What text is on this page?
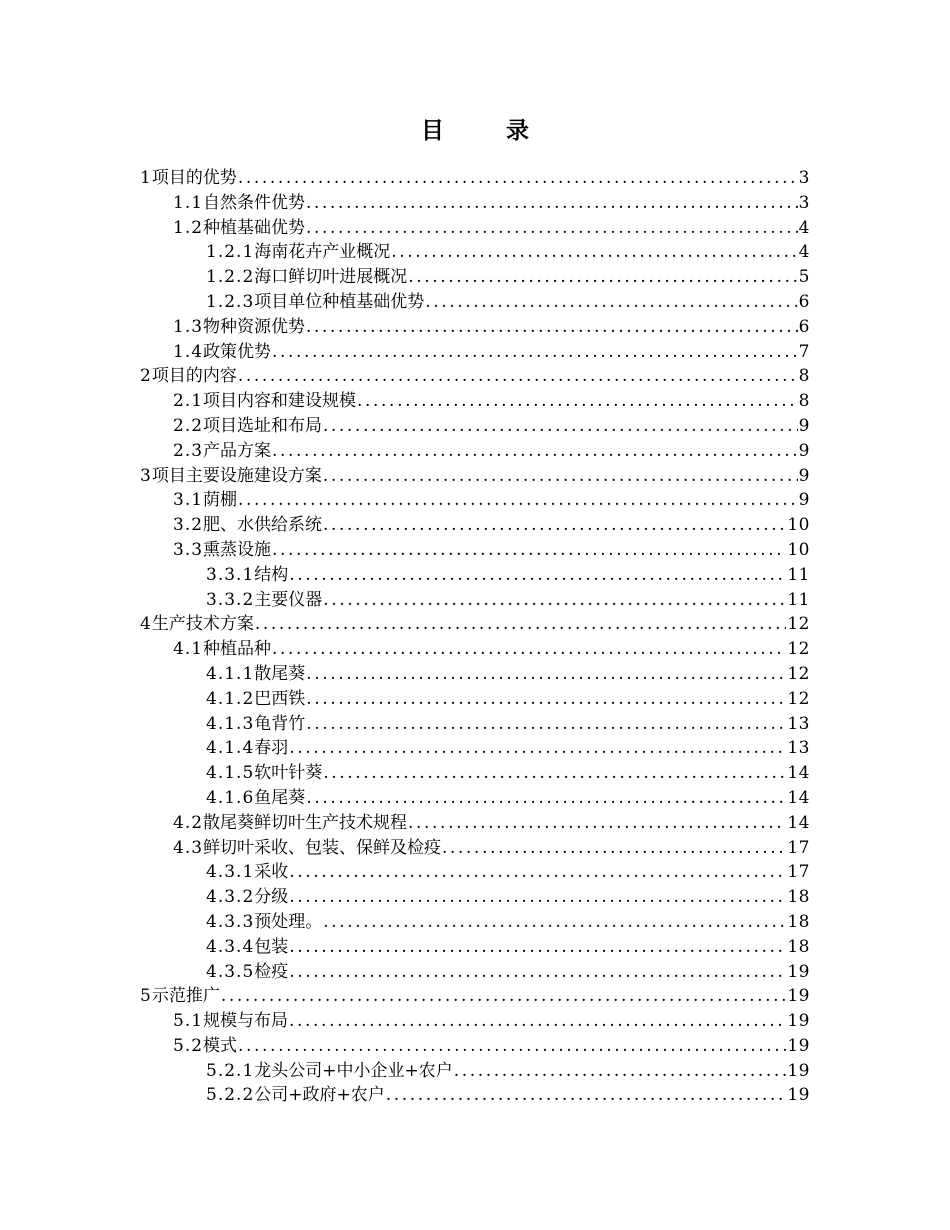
目	录
1 项目的优势 .....	3
1.1 自然条件优势 .....	3
1.2 种植基础优势 .....	4
1.2.1 海南花卉产业概况 .....	4
1.2.2 海口鲜切叶进展概况 .....	5
1.2.3 项目单位种植基础优势 .....	6
1.3 物种资源优势 .....	6
1.4 政策优势 .....	7
2 项目的内容 .....	8
2.1 项目内容和建设规模 .....	8
2.2 项目选址和布局 .....	9
2.3 产品方案 .....	9
3 项目主要设施建设方案 .....	9
3.1 荫棚 .....	9
3.2 肥、水供给系统 .....	10
3.3 熏蒸设施 .....	10
3.3.1 结构 .....	11
3.3.2 主要仪器 .....	11
4 生产技术方案 .....	12
4.1 种植品种 .....	12
4.1.1 散尾葵 .....	12
4.1.2 巴西铁 .....	12
4.1.3 龟背竹 .....	13
4.1.4 春羽 .....	13
4.1.5 软叶针葵 .....	14
4.1.6 鱼尾葵 .....	14
4.2 散尾葵鲜切叶生产技术规程 .....	14
4.3 鲜切叶采收、包装、保鲜及检疫 .....	17
4.3.1 采收 .....	17
4.3.2 分级 .....	18
4.3.3 预处理。 .....	18
4.3.4 包装 .....	18
4.3.5 检疫 .....	19
5 示范推广 .....	19
5.1 规模与布局 .....	19
5.2 模式 .....	19
5.2.1 龙头公司+中小企业+农户 .....	19
5.2.2 公司+政府+农户 .....	19
